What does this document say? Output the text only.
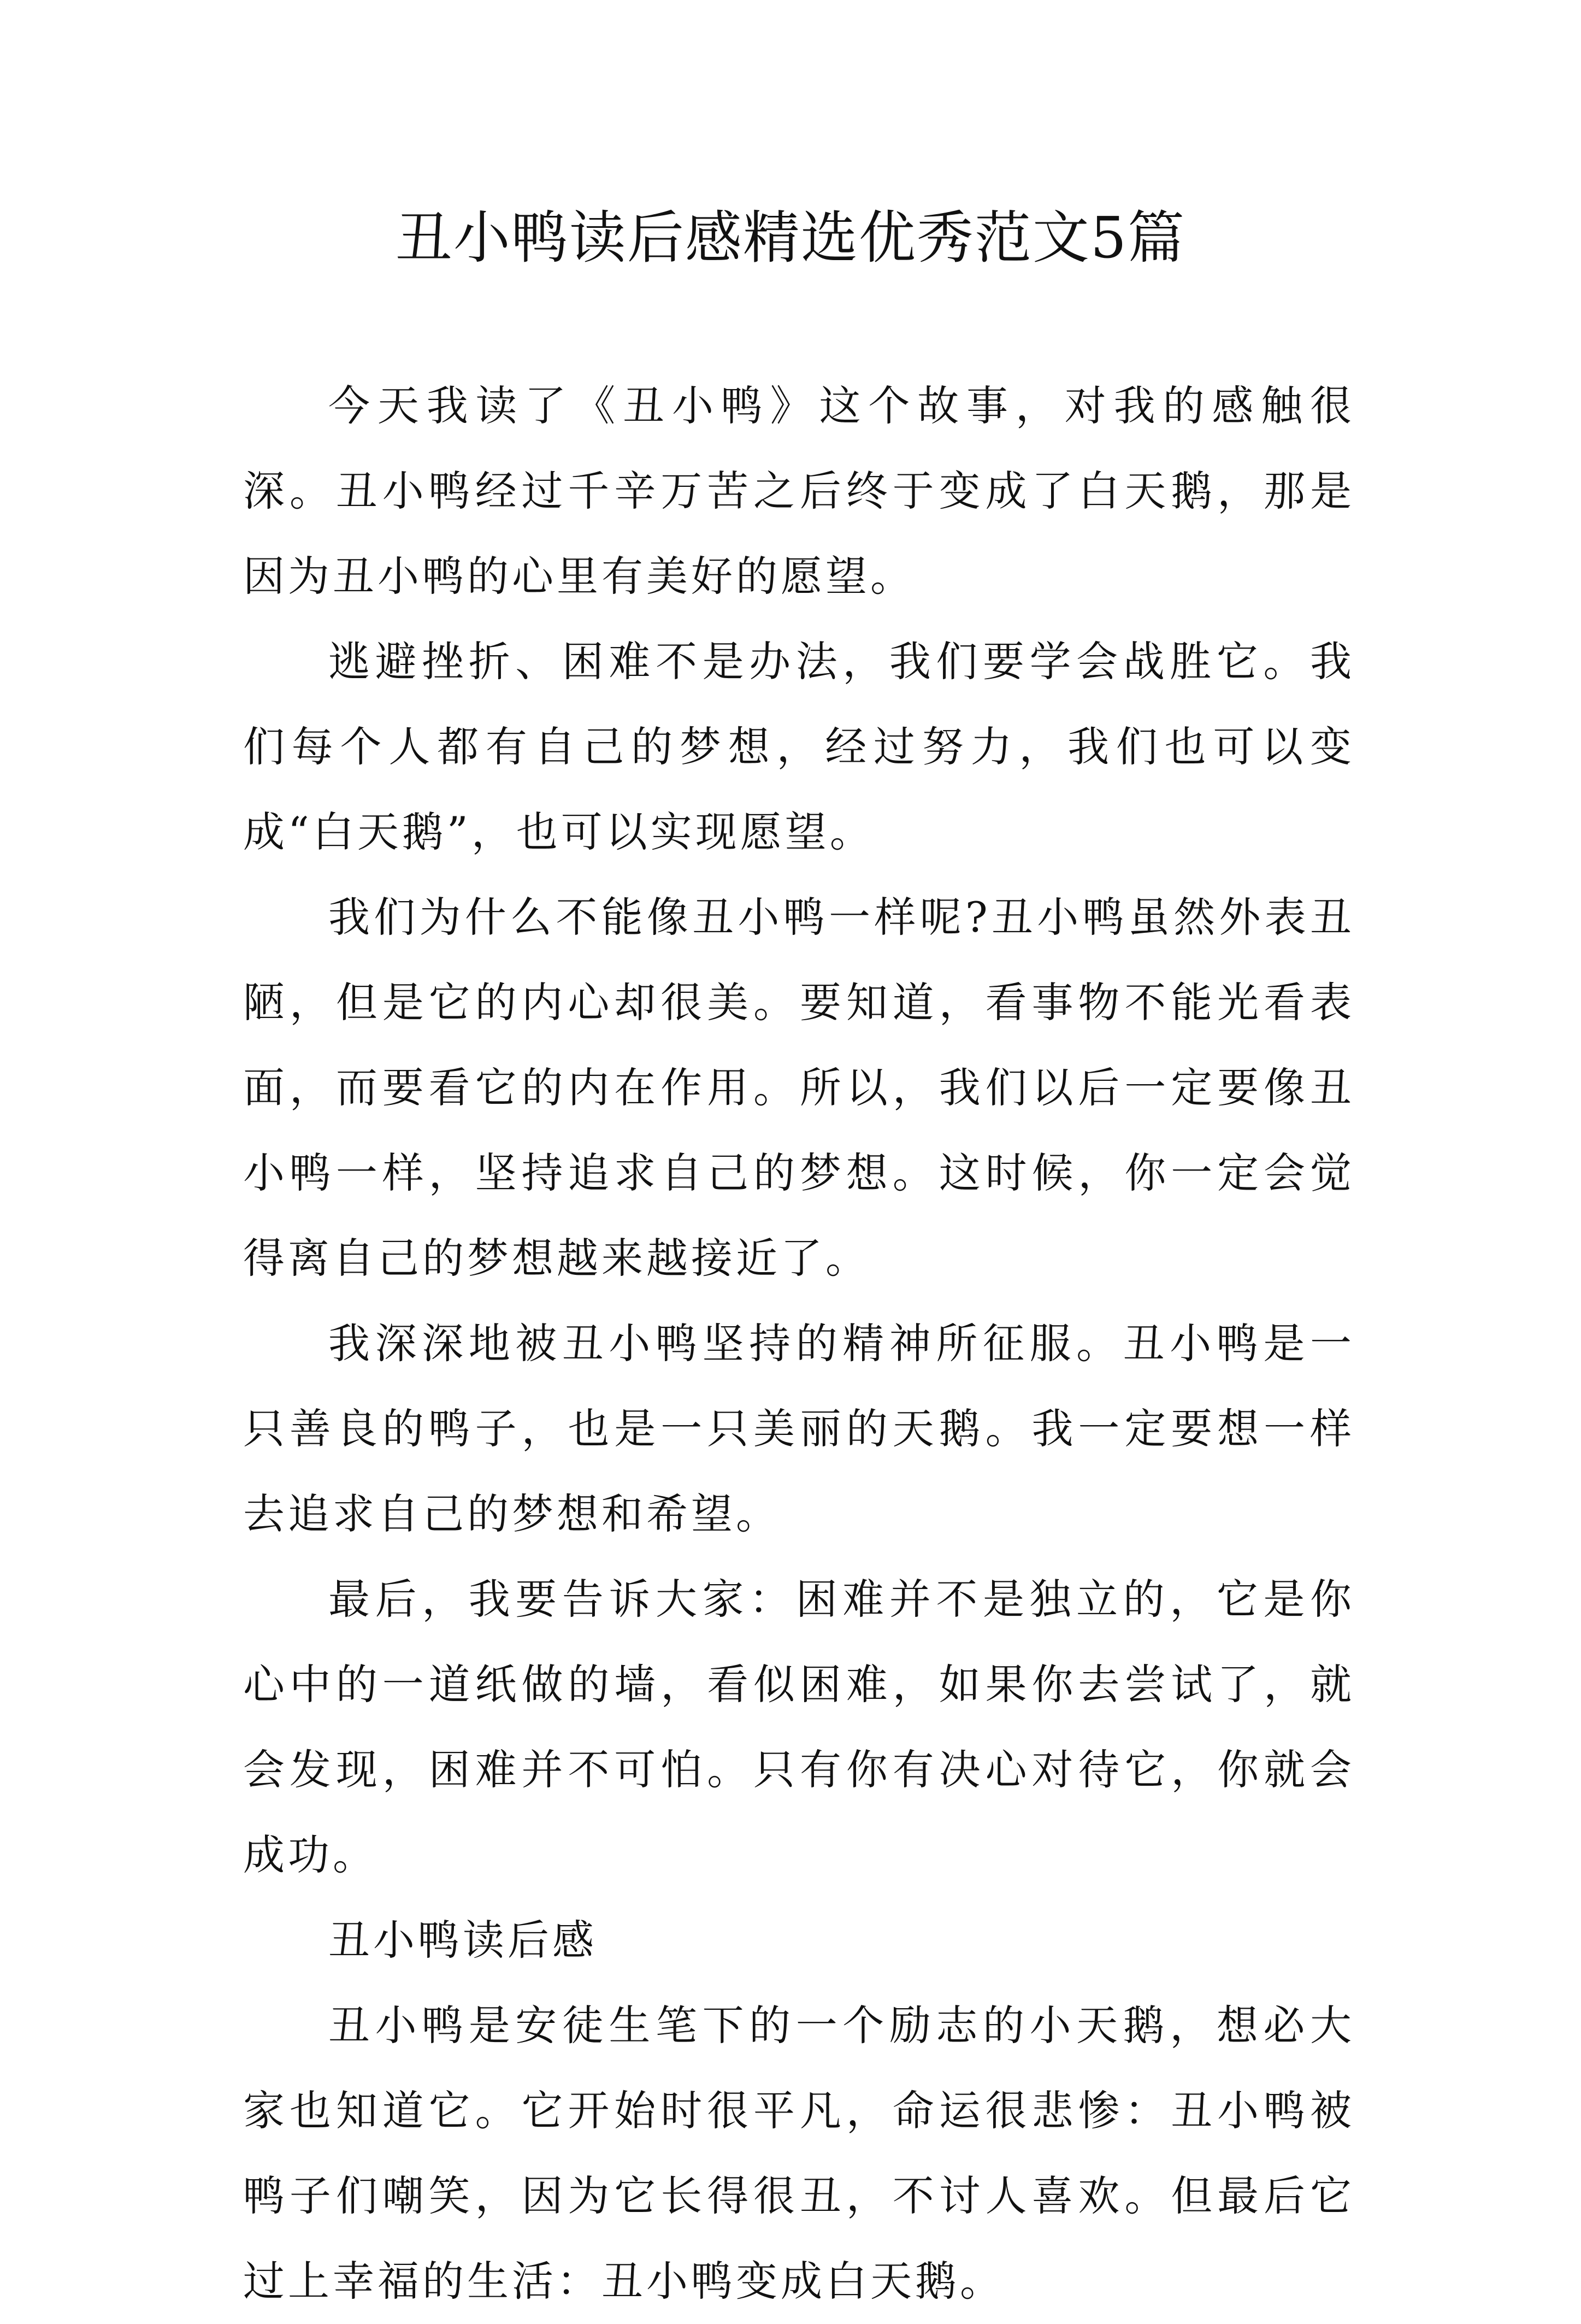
丑小鸭读后感精选优秀范文5篇

今天我读了《丑小鸭》这个故事，对我的感触很深。丑小鸭经过千辛万苦之后终于变成了白天鹅，那是因为丑小鸭的心里有美好的愿望。

逃避挫折、困难不是办法，我们要学会战胜它。我们每个人都有自己的梦想，经过努力，我们也可以变成“白天鹅”，也可以实现愿望。

我们为什么不能像丑小鸭一样呢?丑小鸭虽然外表丑陋，但是它的内心却很美。要知道，看事物不能光看表面，而要看它的内在作用。所以，我们以后一定要像丑小鸭一样，坚持追求自己的梦想。这时候，你一定会觉得离自己的梦想越来越接近了。

我深深地被丑小鸭坚持的精神所征服。丑小鸭是一只善良的鸭子，也是一只美丽的天鹅。我一定要想一样去追求自己的梦想和希望。

最后，我要告诉大家：困难并不是独立的，它是你心中的一道纸做的墙，看似困难，如果你去尝试了，就会发现，困难并不可怕。只有你有决心对待它，你就会成功。

丑小鸭读后感

丑小鸭是安徒生笔下的一个励志的小天鹅，想必大家也知道它。它开始时很平凡，命运很悲惨：丑小鸭被鸭子们嘲笑，因为它长得很丑，不讨人喜欢。但最后它过上幸福的生活：丑小鸭变成白天鹅。
